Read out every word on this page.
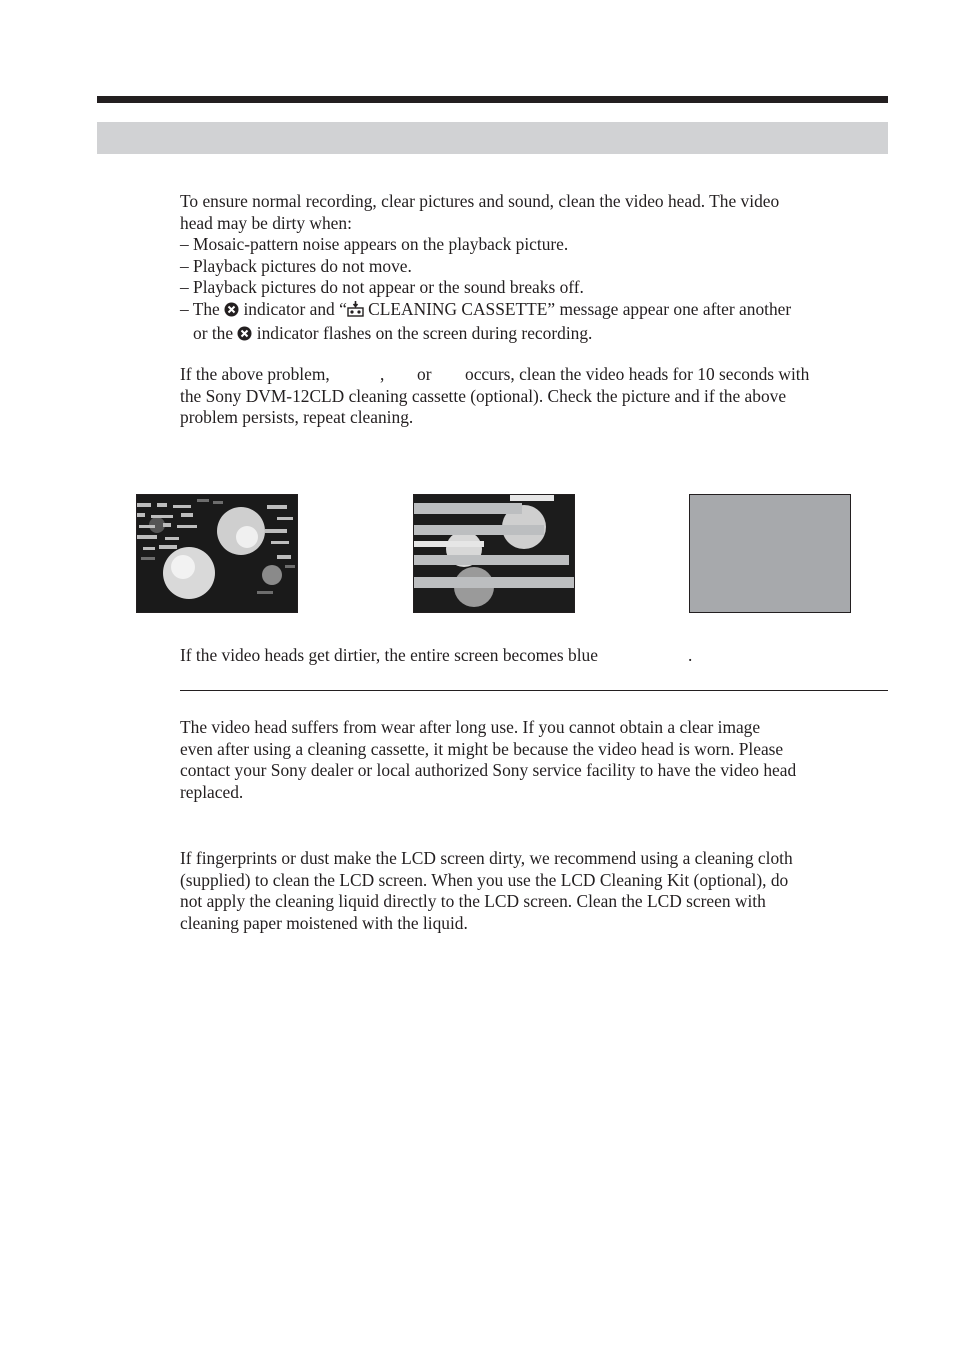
To ensure normal recording, clear pictures and sound, clean the video head. The video

head may be dirty when:

– Mosaic-pattern noise appears on the playback picture.

– Playback pictures do not move.

– Playback pictures do not appear or the sound breaks off.

– The  indicator and “ CLEANING CASSETTE” message appear one after another

or the  indicator flashes on the screen during recording.

If the above problem,	, or occurs, clean the video heads for 10 seconds with

the Sony DVM-12CLD cleaning cassette (optional). Check the picture and if the above

problem persists, repeat cleaning.

If the video heads get dirtier, the entire screen becomes blue	.

The video head suffers from wear after long use. If you cannot obtain a clear image

even after using a cleaning cassette, it might be because the video head is worn. Please

contact your Sony dealer or local authorized Sony service facility to have the video head

replaced.

If fingerprints or dust make the LCD screen dirty, we recommend using a cleaning cloth

(supplied) to clean the LCD screen. When you use the LCD Cleaning Kit (optional), do

not apply the cleaning liquid directly to the LCD screen. Clean the LCD screen with

cleaning paper moistened with the liquid.
